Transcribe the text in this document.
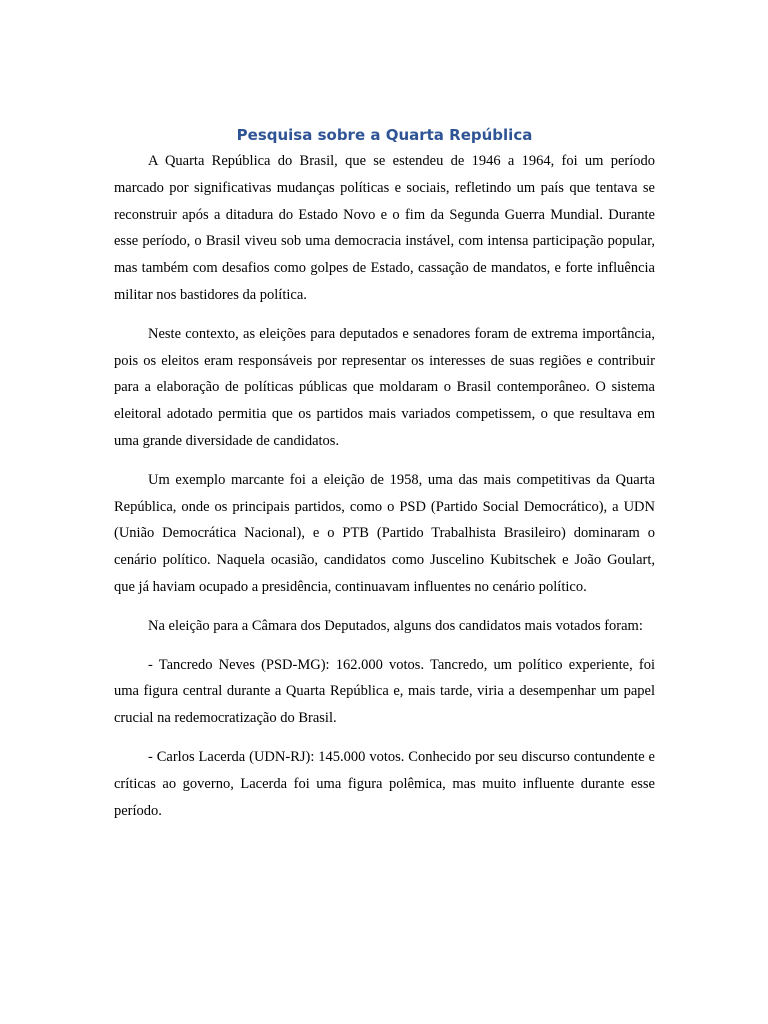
Pesquisa sobre a Quarta República

A Quarta República do Brasil, que se estendeu de 1946 a 1964, foi um período marcado por significativas mudanças políticas e sociais, refletindo um país que tentava se reconstruir após a ditadura do Estado Novo e o fim da Segunda Guerra Mundial. Durante esse período, o Brasil viveu sob uma democracia instável, com intensa participação popular, mas também com desafios como golpes de Estado, cassação de mandatos, e forte influência militar nos bastidores da política.

Neste contexto, as eleições para deputados e senadores foram de extrema importância, pois os eleitos eram responsáveis por representar os interesses de suas regiões e contribuir para a elaboração de políticas públicas que moldaram o Brasil contemporâneo. O sistema eleitoral adotado permitia que os partidos mais variados competissem, o que resultava em uma grande diversidade de candidatos.

Um exemplo marcante foi a eleição de 1958, uma das mais competitivas da Quarta República, onde os principais partidos, como o PSD (Partido Social Democrático), a UDN (União Democrática Nacional), e o PTB (Partido Trabalhista Brasileiro) dominaram o cenário político. Naquela ocasião, candidatos como Juscelino Kubitschek e João Goulart, que já haviam ocupado a presidência, continuavam influentes no cenário político.

Na eleição para a Câmara dos Deputados, alguns dos candidatos mais votados foram:

- Tancredo Neves (PSD-MG): 162.000 votos. Tancredo, um político experiente, foi uma figura central durante a Quarta República e, mais tarde, viria a desempenhar um papel crucial na redemocratização do Brasil.

- Carlos Lacerda (UDN-RJ): 145.000 votos. Conhecido por seu discurso contundente e críticas ao governo, Lacerda foi uma figura polêmica, mas muito influente durante esse período.
